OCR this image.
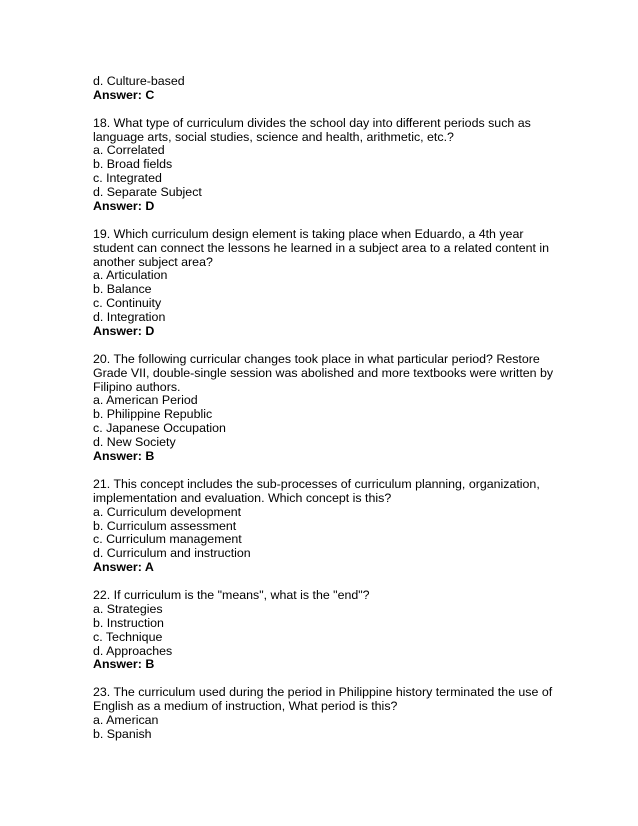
d. Culture-based
Answer: C
18. What type of curriculum divides the school day into different periods such as
language arts, social studies, science and health, arithmetic, etc.?
a. Correlated
b. Broad fields
c. Integrated
d. Separate Subject
Answer: D
19. Which curriculum design element is taking place when Eduardo, a 4th year
student can connect the lessons he learned in a subject area to a related content in
another subject area?
a. Articulation
b. Balance
c. Continuity
d. Integration
Answer: D
20. The following curricular changes took place in what particular period? Restore
Grade VII, double-single session was abolished and more textbooks were written by
Filipino authors.
a. American Period
b. Philippine Republic
c. Japanese Occupation
d. New Society
Answer: B
21. This concept includes the sub-processes of curriculum planning, organization,
implementation and evaluation. Which concept is this?
a. Curriculum development
b. Curriculum assessment
c. Curriculum management
d. Curriculum and instruction
Answer: A
22. If curriculum is the "means", what is the "end"?
a. Strategies
b. Instruction
c. Technique
d. Approaches
Answer: B
23. The curriculum used during the period in Philippine history terminated the use of
English as a medium of instruction, What period is this?
a. American
b. Spanish
